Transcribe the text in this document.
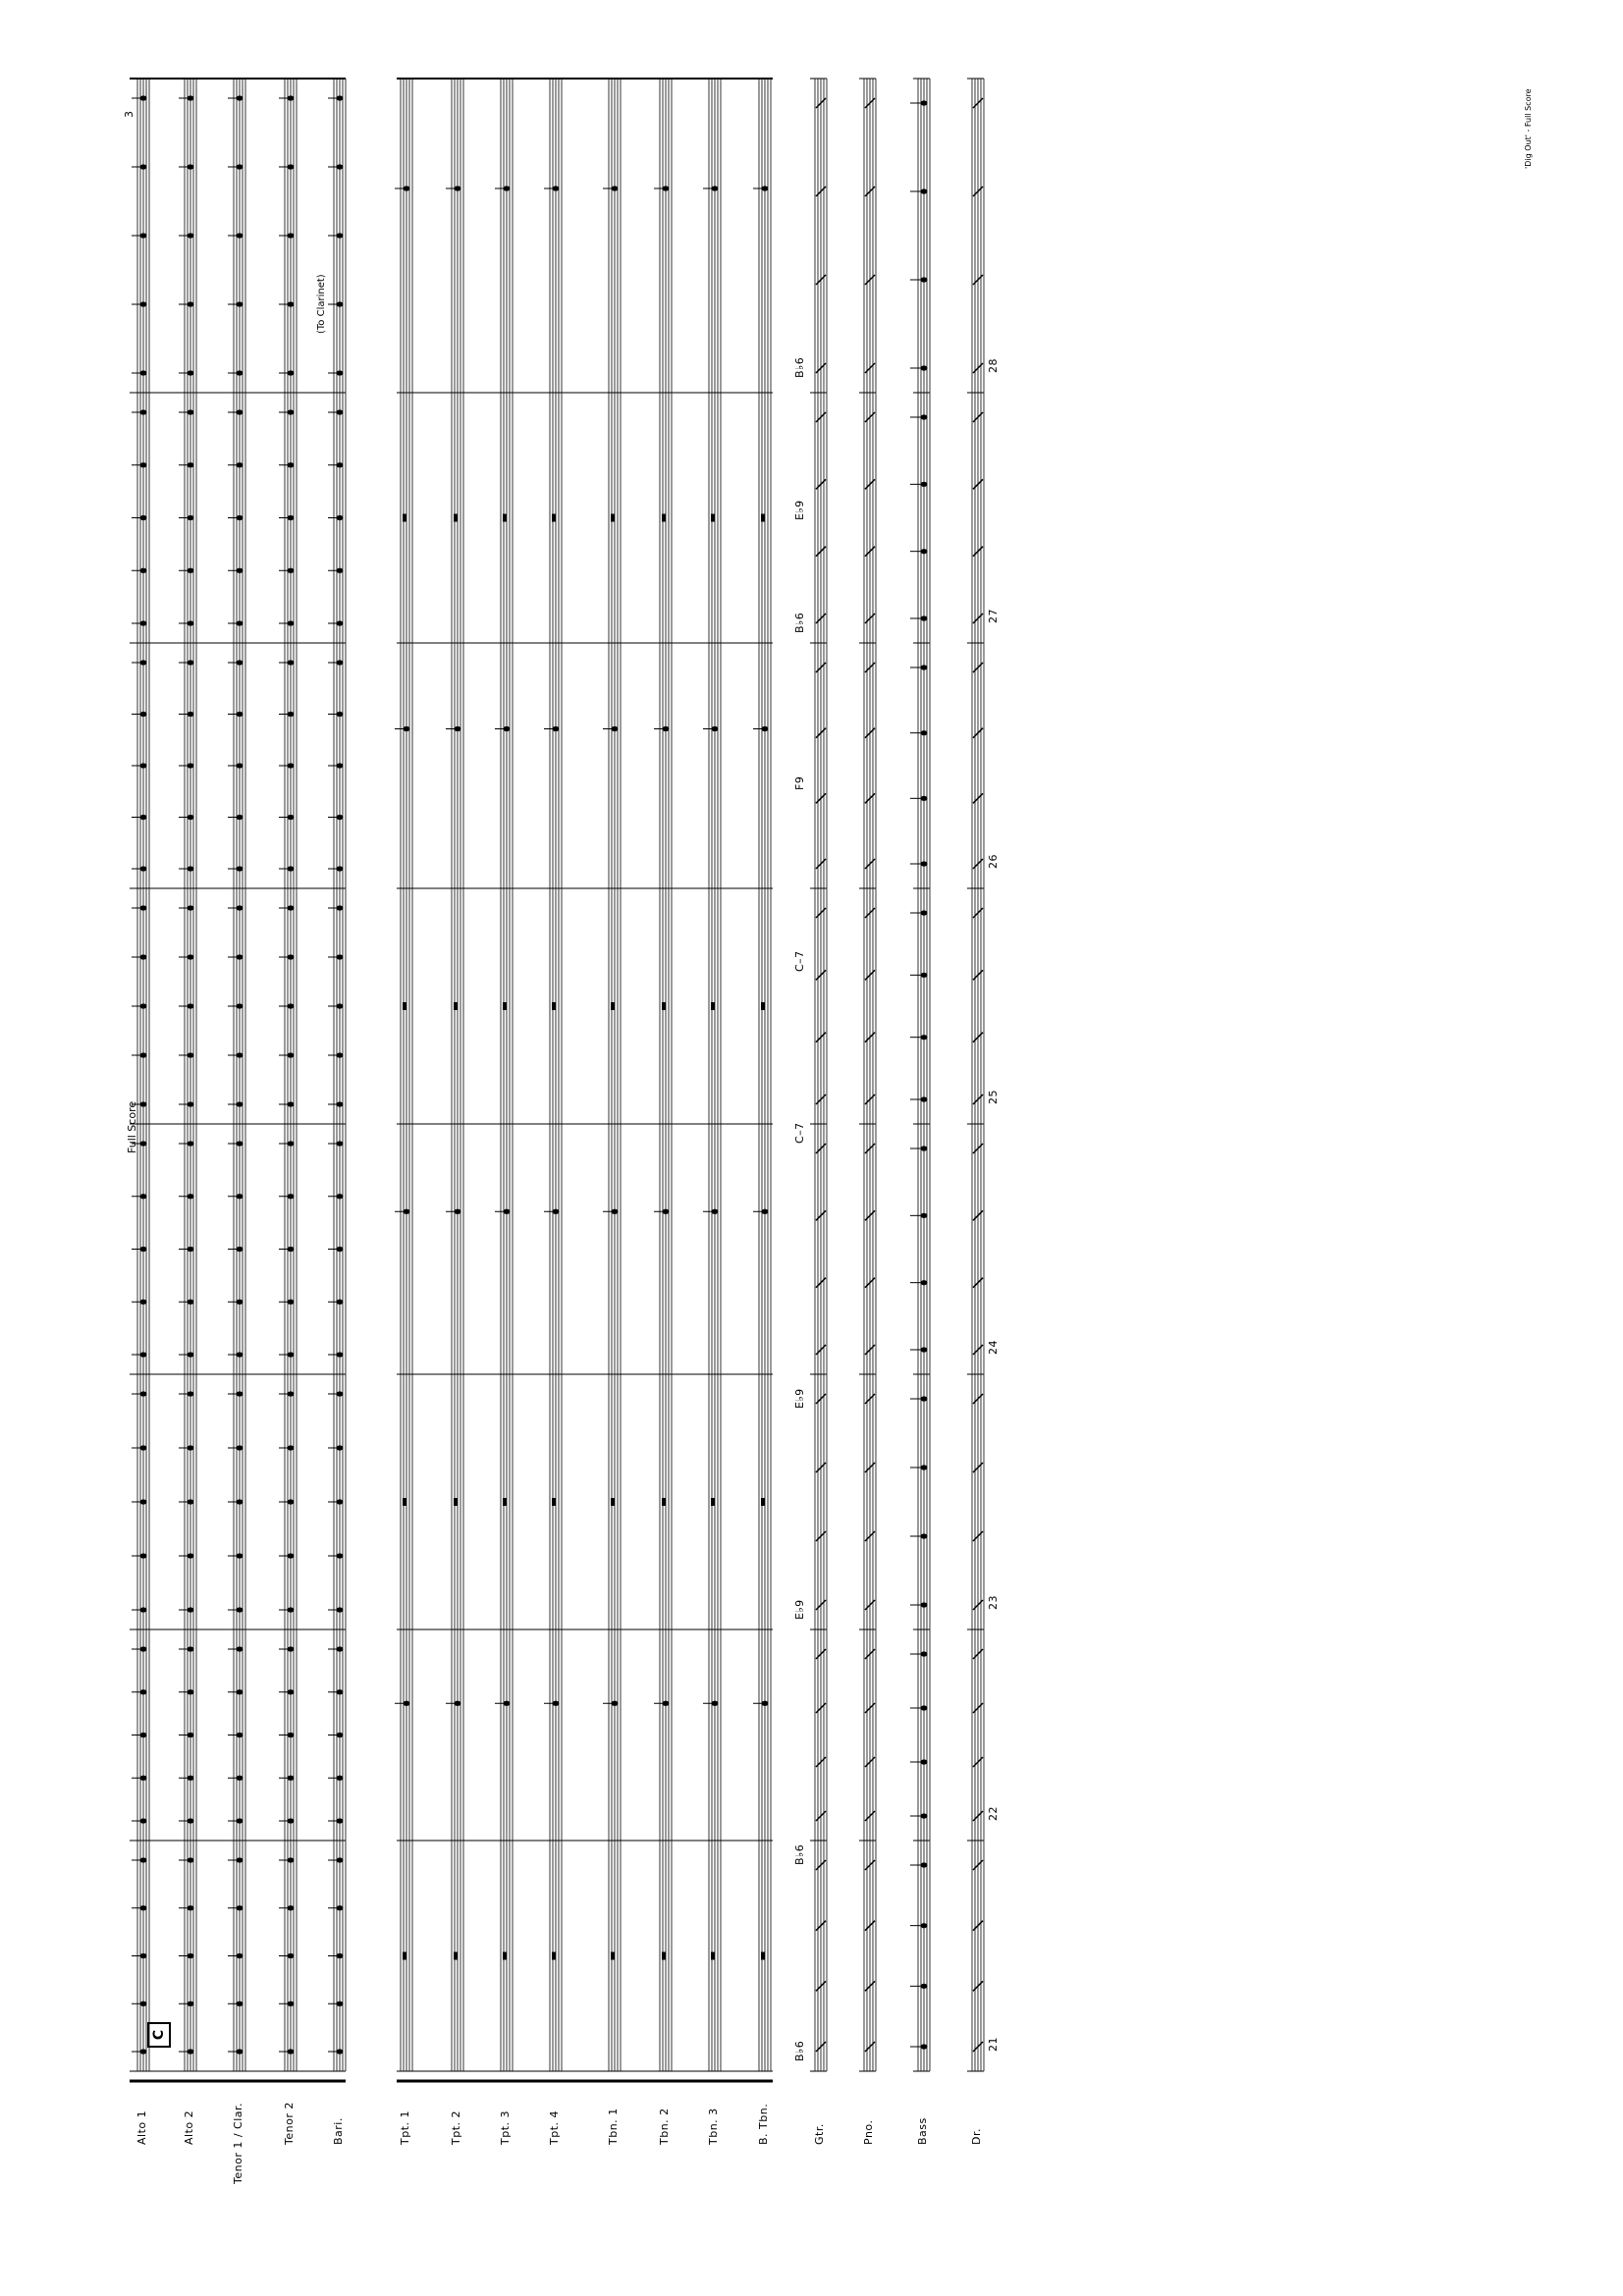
3
Full Score
'Dig Out' - Full Score
C
(To Clarinet)
Alto 1	Alto 2	Tenor 1 / Clar.	Tenor 2	Bari.	Tpt. 1	Tpt. 2	Tpt. 3	Tpt. 4	Tbn. 1	Tbn. 2	Tbn. 3	B. Tbn.	Gtr.	Pno.	Bass	Dr.
21
22
23
24
25
26
27
28
B♭6
B♭6
E♭9
E♭9
C–7
C–7
F9
B♭6
E♭9
B♭6
